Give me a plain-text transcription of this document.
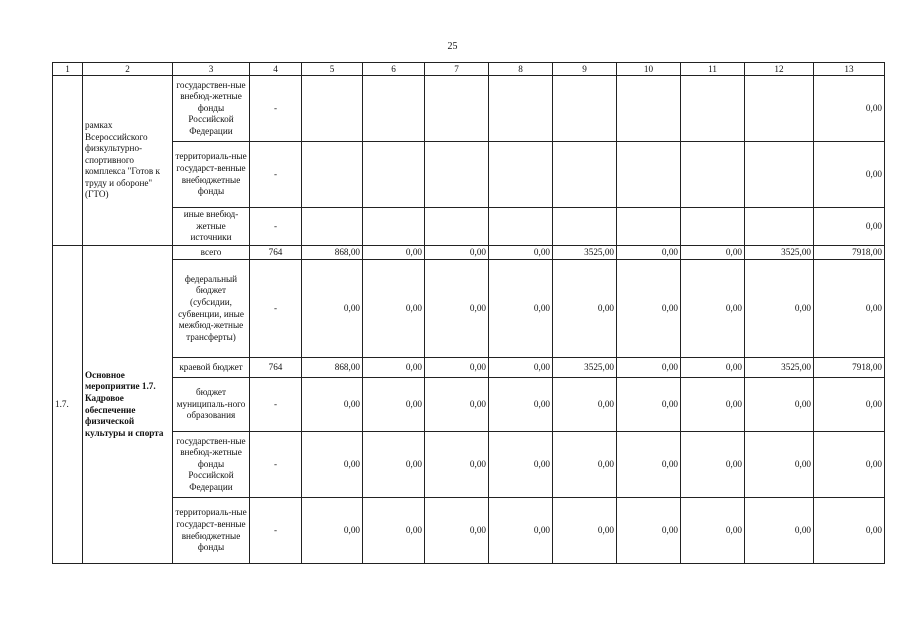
25
1	2	3	4	5	6	7	8	9	10	11	12	13
	рамках Всероссийского физкультурно-спортивного комплекса "Готов к труду и обороне" (ГТО)	государствен-ные внебюд-жетные фонды Российской Федерации	-									0,00
		территориаль-ные государст-венные внебюджетные фонды	-									0,00
		иные внебюд-жетные источники	-									0,00
1.7.	Основное мероприятие 1.7. Кадровое обеспечение физической культуры и спорта	всего	764	868,00	0,00	0,00	0,00	3525,00	0,00	0,00	3525,00	7918,00
		федеральный бюджет (субсидии, субвенции, иные межбюд-жетные трансферты)	-	0,00	0,00	0,00	0,00	0,00	0,00	0,00	0,00	0,00
		краевой бюджет	764	868,00	0,00	0,00	0,00	3525,00	0,00	0,00	3525,00	7918,00
		бюджет муниципаль-ного образования	-	0,00	0,00	0,00	0,00	0,00	0,00	0,00	0,00	0,00
		государствен-ные внебюд-жетные фонды Российской Федерации	-	0,00	0,00	0,00	0,00	0,00	0,00	0,00	0,00	0,00
		территориаль-ные государст-венные внебюджетные фонды	-	0,00	0,00	0,00	0,00	0,00	0,00	0,00	0,00	0,00
